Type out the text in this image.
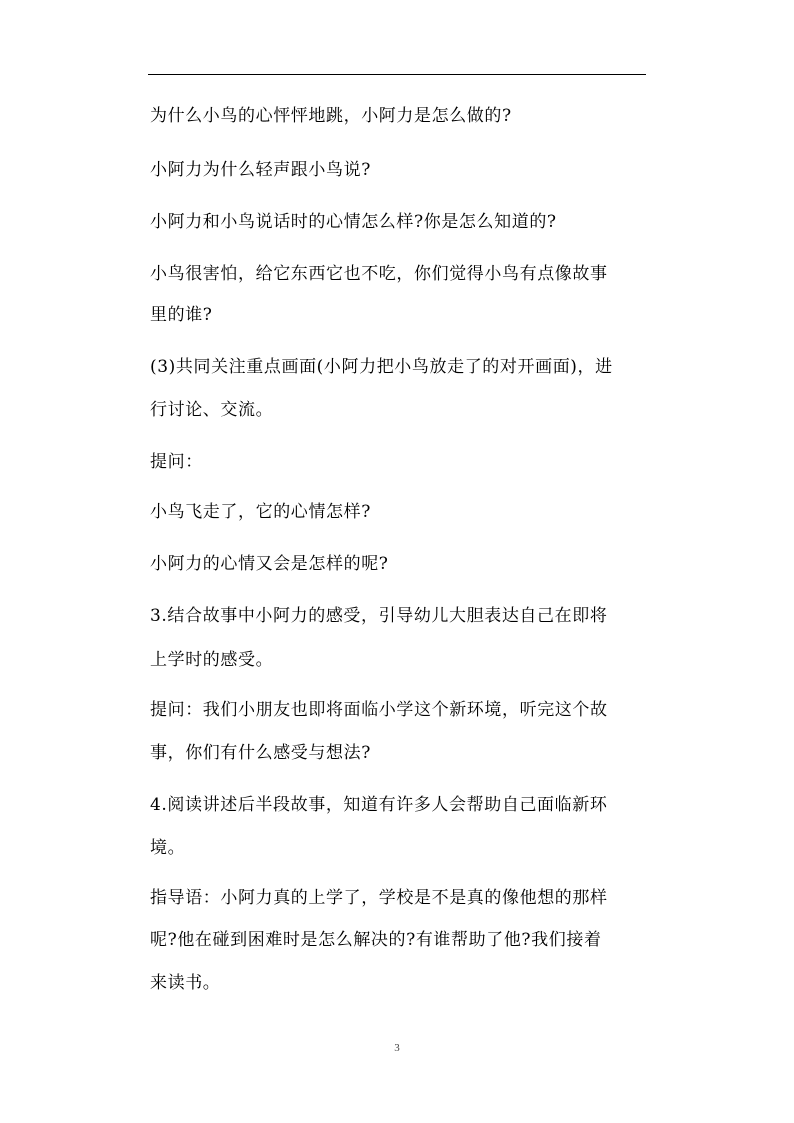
为什么小鸟的心怦怦地跳，小阿力是怎么做的?
小阿力为什么轻声跟小鸟说?
小阿力和小鸟说话时的心情怎么样?你是怎么知道的?
小鸟很害怕，给它东西它也不吃，你们觉得小鸟有点像故事
里的谁?
(3)共同关注重点画面(小阿力把小鸟放走了的对开画面)，进
行讨论、交流。
提问：
小鸟飞走了，它的心情怎样?
小阿力的心情又会是怎样的呢?
3.结合故事中小阿力的感受，引导幼儿大胆表达自己在即将
上学时的感受。
提问：我们小朋友也即将面临小学这个新环境，听完这个故
事，你们有什么感受与想法?
4.阅读讲述后半段故事，知道有许多人会帮助自己面临新环
境。
指导语：小阿力真的上学了，学校是不是真的像他想的那样
呢?他在碰到困难时是怎么解决的?有谁帮助了他?我们接着
来读书。
3
